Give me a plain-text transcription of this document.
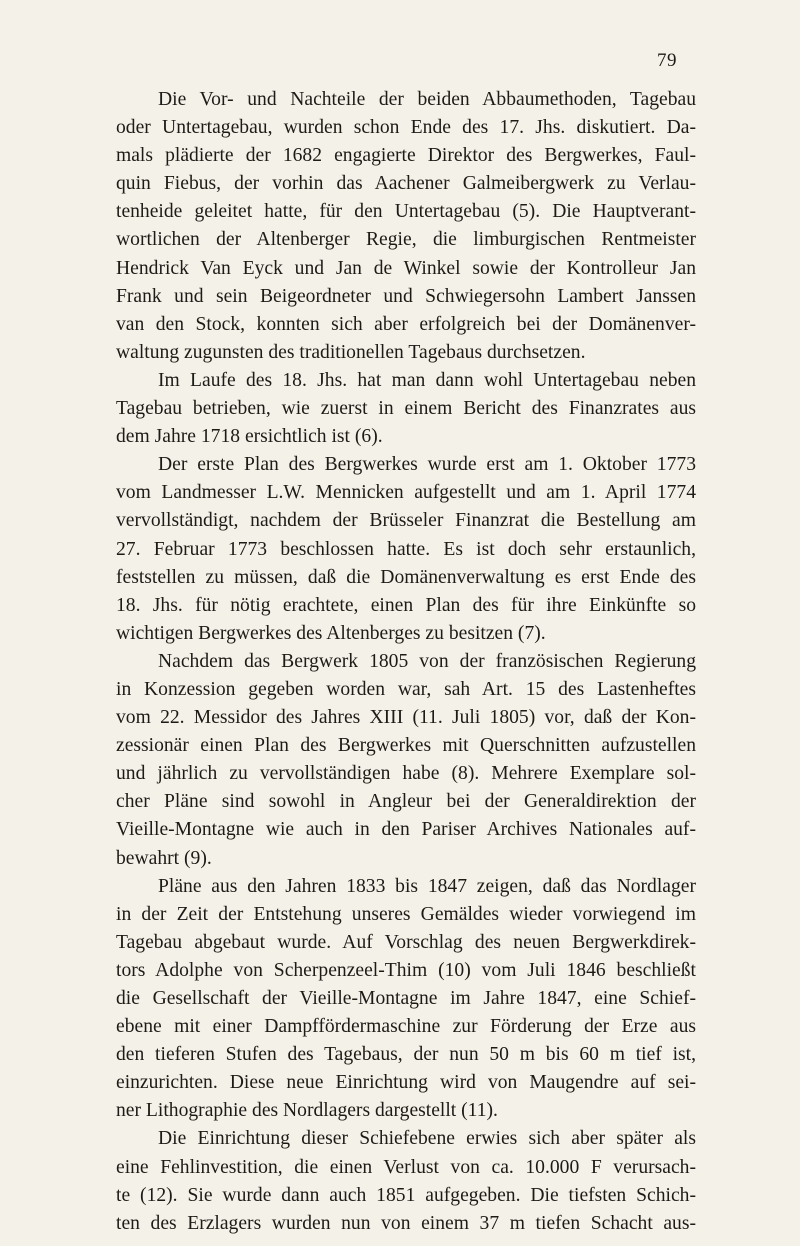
79
Die Vor- und Nachteile der beiden Abbaumethoden, Tagebau
oder Untertagebau, wurden schon Ende des 17. Jhs. diskutiert. Da-
mals plädierte der 1682 engagierte Direktor des Bergwerkes, Faul-
quin Fiebus, der vorhin das Aachener Galmeibergwerk zu Verlau-
tenheide geleitet hatte, für den Untertagebau (5). Die Hauptverant-
wortlichen der Altenberger Regie, die limburgischen Rentmeister
Hendrick Van Eyck und Jan de Winkel sowie der Kontrolleur Jan
Frank und sein Beigeordneter und Schwiegersohn Lambert Janssen
van den Stock, konnten sich aber erfolgreich bei der Domänenver-
waltung zugunsten des traditionellen Tagebaus durchsetzen.
Im Laufe des 18. Jhs. hat man dann wohl Untertagebau neben
Tagebau betrieben, wie zuerst in einem Bericht des Finanzrates aus
dem Jahre 1718 ersichtlich ist (6).
Der erste Plan des Bergwerkes wurde erst am 1. Oktober 1773
vom Landmesser L.W. Mennicken aufgestellt und am 1. April 1774
vervollständigt, nachdem der Brüsseler Finanzrat die Bestellung am
27. Februar 1773 beschlossen hatte. Es ist doch sehr erstaunlich,
feststellen zu müssen, daß die Domänenverwaltung es erst Ende des
18. Jhs. für nötig erachtete, einen Plan des für ihre Einkünfte so
wichtigen Bergwerkes des Altenberges zu besitzen (7).
Nachdem das Bergwerk 1805 von der französischen Regierung
in Konzession gegeben worden war, sah Art. 15 des Lastenheftes
vom 22. Messidor des Jahres XIII (11. Juli 1805) vor, daß der Kon-
zessionär einen Plan des Bergwerkes mit Querschnitten aufzustellen
und jährlich zu vervollständigen habe (8). Mehrere Exemplare sol-
cher Pläne sind sowohl in Angleur bei der Generaldirektion der
Vieille-Montagne wie auch in den Pariser Archives Nationales auf-
bewahrt (9).
Pläne aus den Jahren 1833 bis 1847 zeigen, daß das Nordlager
in der Zeit der Entstehung unseres Gemäldes wieder vorwiegend im
Tagebau abgebaut wurde. Auf Vorschlag des neuen Bergwerkdirek-
tors Adolphe von Scherpenzeel-Thim (10) vom Juli 1846 beschließt
die Gesellschaft der Vieille-Montagne im Jahre 1847, eine Schief-
ebene mit einer Dampffördermaschine zur Förderung der Erze aus
den tieferen Stufen des Tagebaus, der nun 50 m bis 60 m tief ist,
einzurichten. Diese neue Einrichtung wird von Maugendre auf sei-
ner Lithographie des Nordlagers dargestellt (11).
Die Einrichtung dieser Schiefebene erwies sich aber später als
eine Fehlinvestition, die einen Verlust von ca. 10.000 F verursach-
te (12). Sie wurde dann auch 1851 aufgegeben. Die tiefsten Schich-
ten des Erzlagers wurden nun von einem 37 m tiefen Schacht aus-
